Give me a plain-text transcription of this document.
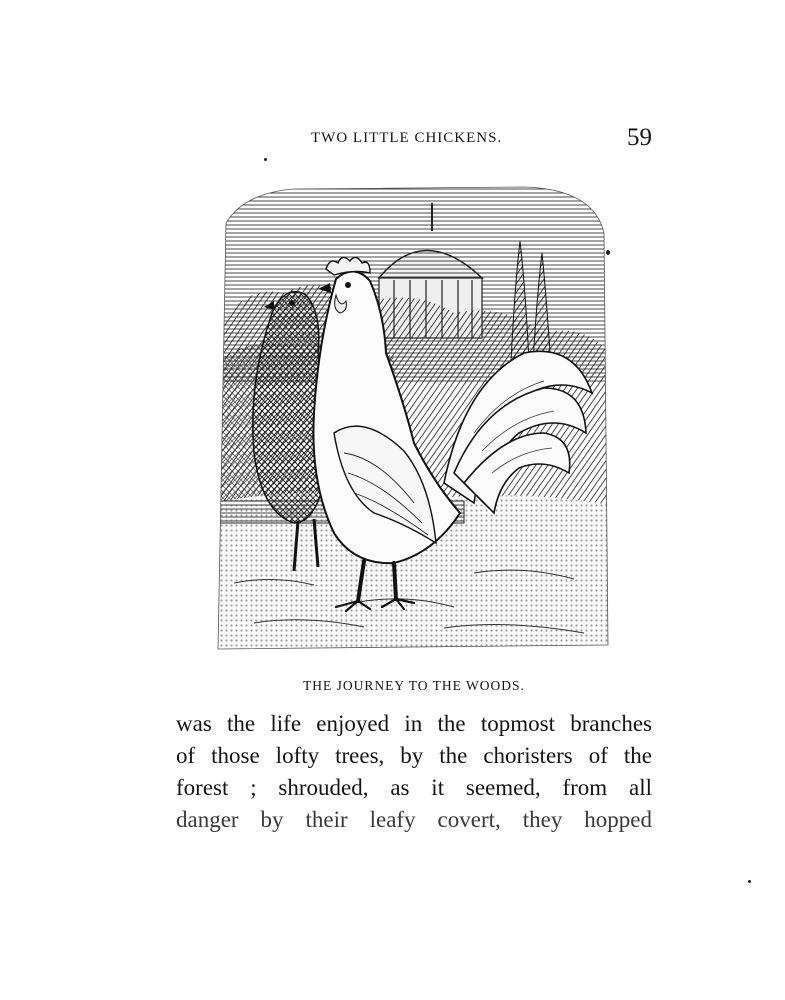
TWO LITTLE CHICKENS.	59
THE JOURNEY TO THE WOODS.
was the life enjoyed in the topmost branches
of those lofty trees, by the choristers of the
forest ; shrouded, as it seemed, from all
danger by their leafy covert, they hopped
